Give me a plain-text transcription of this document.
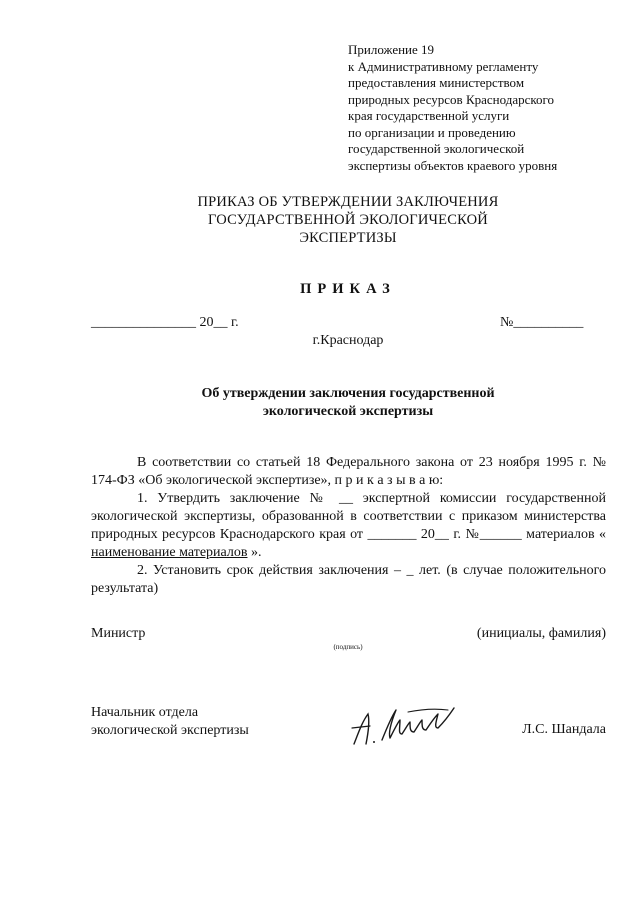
Приложение 19
к Административному регламенту
предоставления министерством
природных ресурсов Краснодарского
края государственной услуги
по организации и проведению
государственной экологической
экспертизы объектов краевого уровня
ПРИКАЗ ОБ УТВЕРЖДЕНИИ ЗАКЛЮЧЕНИЯ
ГОСУДАРСТВЕННОЙ ЭКОЛОГИЧЕСКОЙ
ЭКСПЕРТИЗЫ
ПРИКАЗ
_______________ 20__ г.	№__________
г.Краснодар
Об утверждении заключения государственной
экологической экспертизы
В соответствии со статьей 18 Федерального закона от 23 ноября 1995 г. № 174-ФЗ «Об экологической экспертизе», п р и к а з ы в а ю:
1. Утвердить заключение № __ экспертной комиссии государственной экологической экспертизы, образованной в соответствии с приказом министерства природных ресурсов Краснодарского края от _______ 20__ г. №______ материалов « наименование материалов ».
2. Установить срок действия заключения – _ лет. (в случае положительного результата)
Министр	(инициалы, фамилия)
(подпись)
Начальник отдела
экологической экспертизы	Л.С. Шандала
